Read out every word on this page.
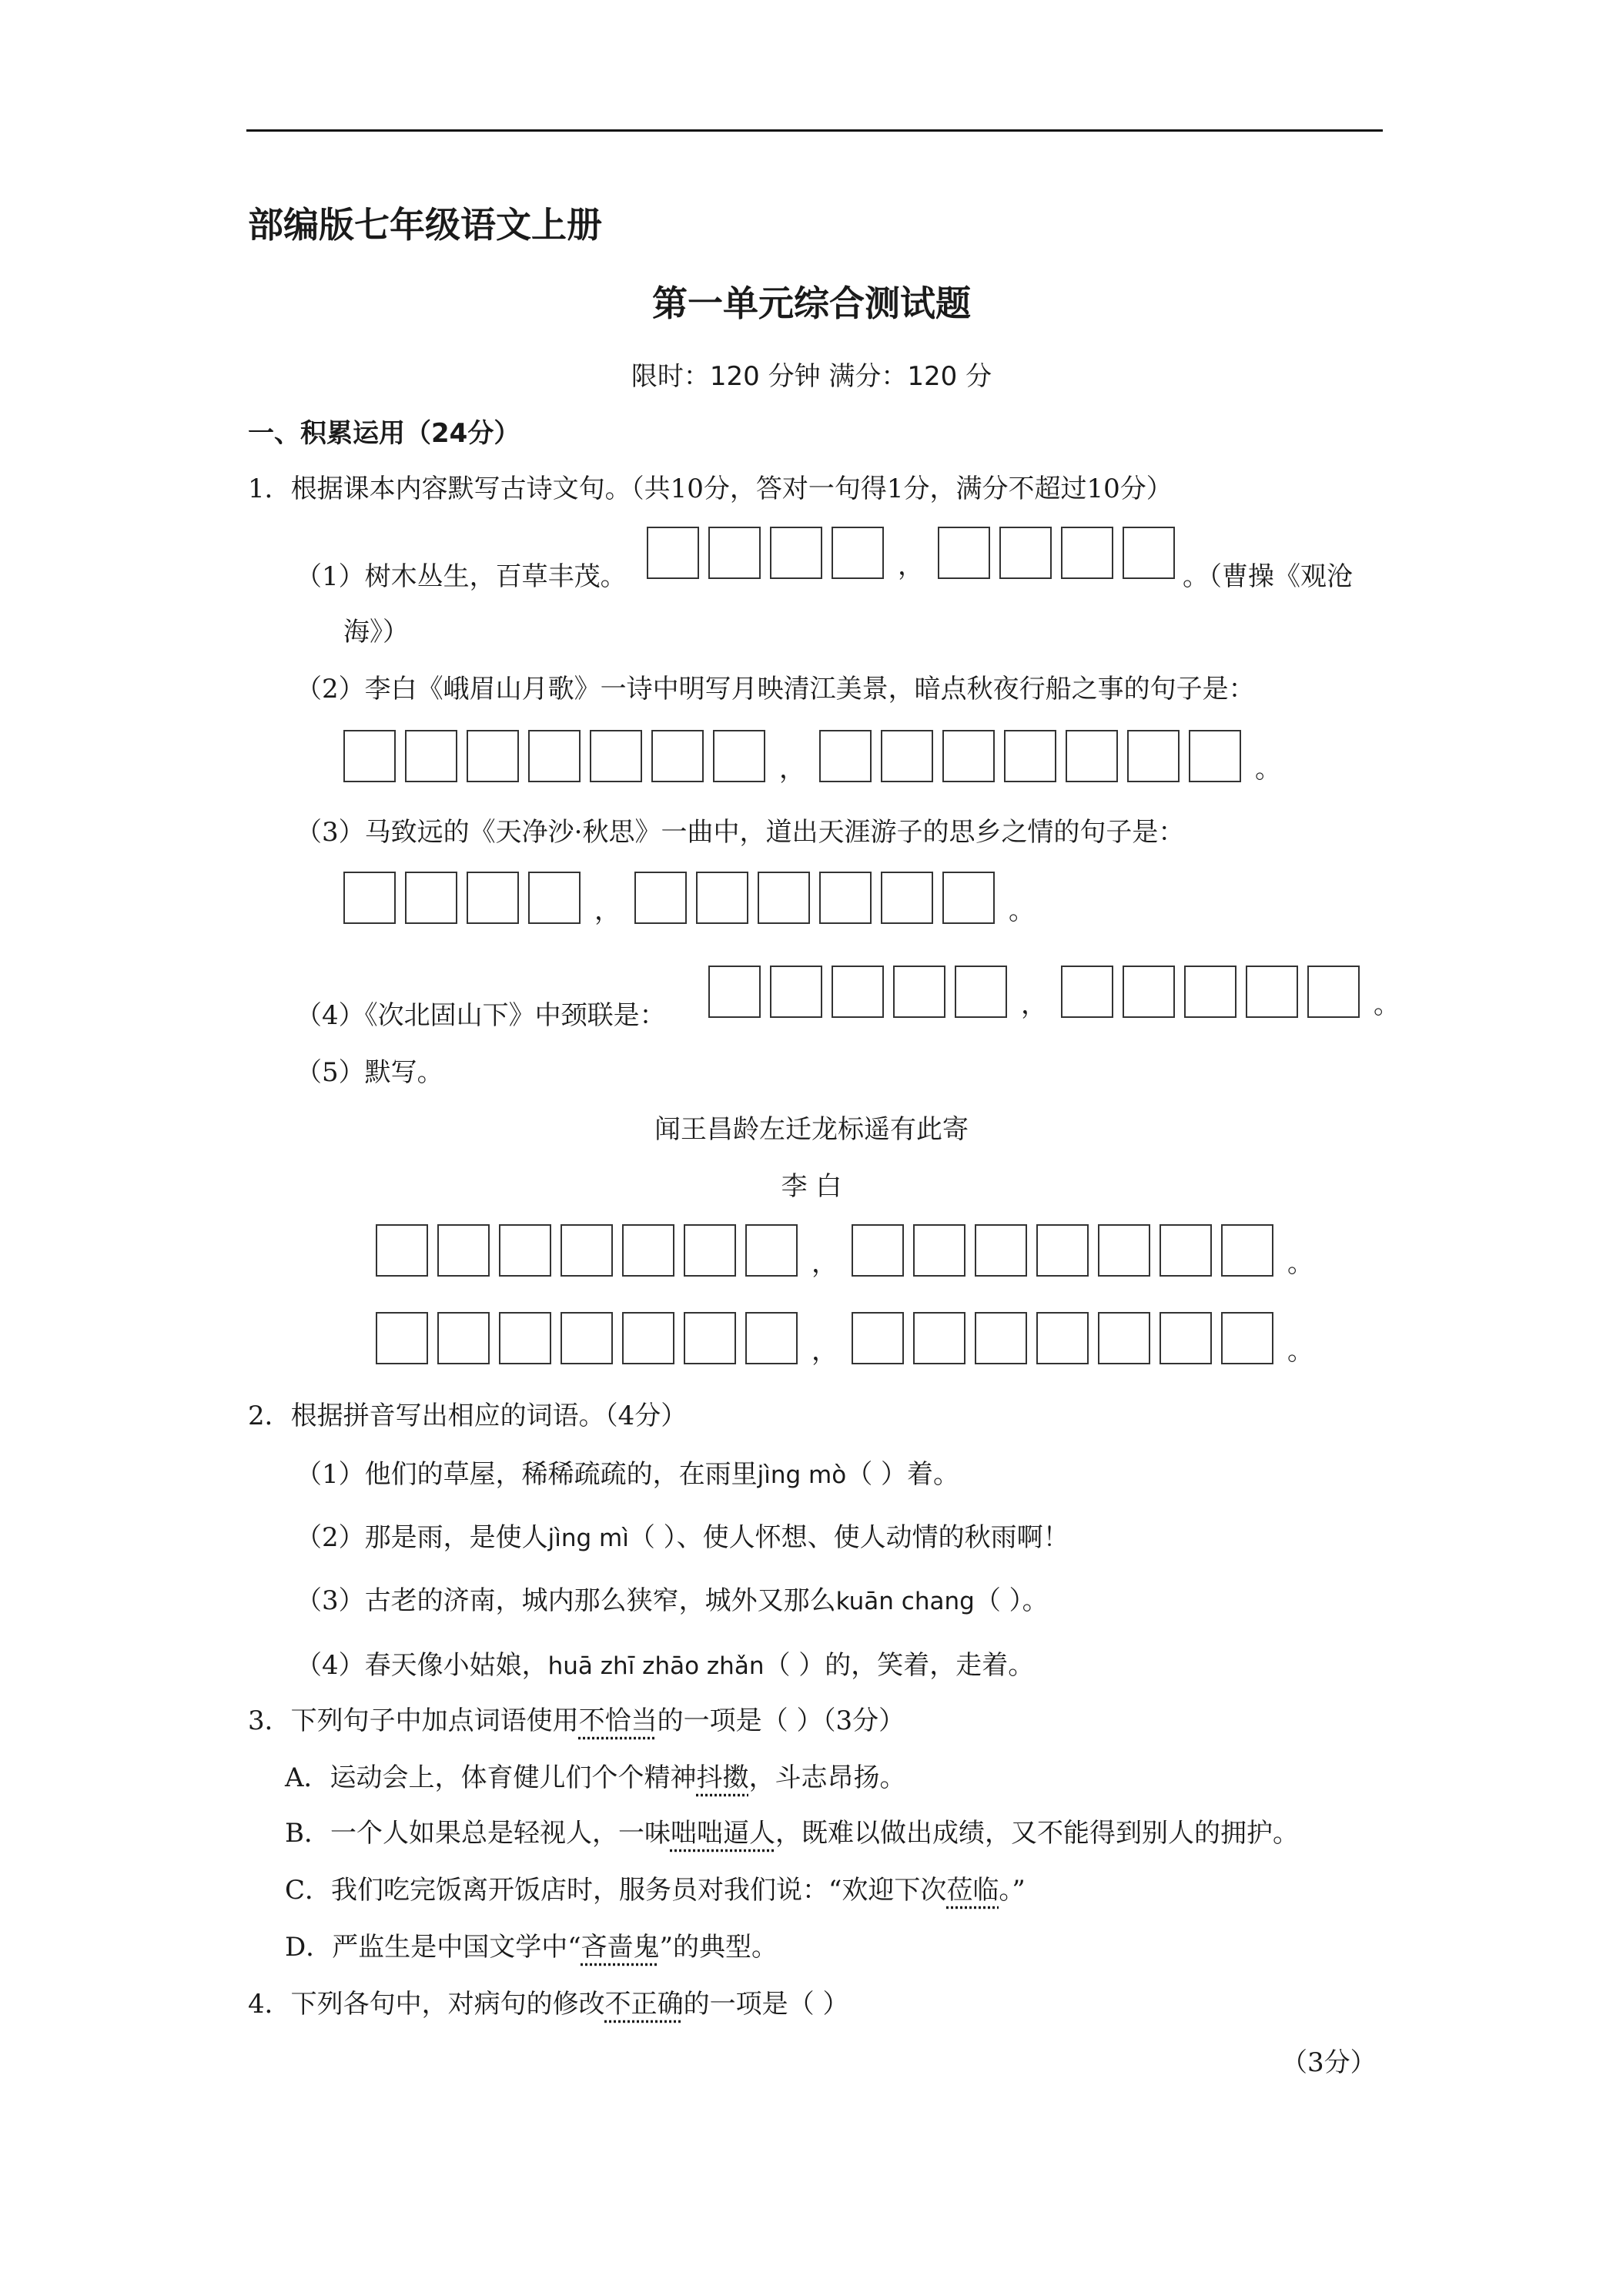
部编版七年级语文上册
第一单元综合测试题
限时：120 分钟 满分：120 分
一、积累运用（24分）
1．根据课本内容默写古诗文句。（共10分，答对一句得1分，满分不超过10分）
（1）树木丛生，百草丰茂。	，	。（曹操《观沧
海》）
（2）李白《峨眉山月歌》一诗中明写月映清江美景，暗点秋夜行船之事的句子是：
，	。
（3）马致远的《天净沙·秋思》一曲中，道出天涯游子的思乡之情的句子是：
，	。
（4）《次北固山下》中颈联是：	，	。
（5）默写。
闻王昌龄左迁龙标遥有此寄
李 白
，	。
，	。
2．根据拼音写出相应的词语。（4分）
（1）他们的草屋，稀稀疏疏的，在雨里jìng mò（ ）着。
（2）那是雨，是使人jìng mì（ ）、使人怀想、使人动情的秋雨啊！
（3）古老的济南，城内那么狭窄，城外又那么kuān chang（ ）。
（4）春天像小姑娘，huā zhī zhāo zhǎn（ ）的，笑着，走着。
3．下列句子中加点词语使用不恰当的一项是（ ）（3分）
A．运动会上，体育健儿们个个精神抖擞，斗志昂扬。
B．一个人如果总是轻视人，一味咄咄逼人，既难以做出成绩，又不能得到别人的拥护。
C．我们吃完饭离开饭店时，服务员对我们说：“欢迎下次莅临。”
D．严监生是中国文学中“吝啬鬼”的典型。
4．下列各句中，对病句的修改不正确的一项是（ ）
（3分）
